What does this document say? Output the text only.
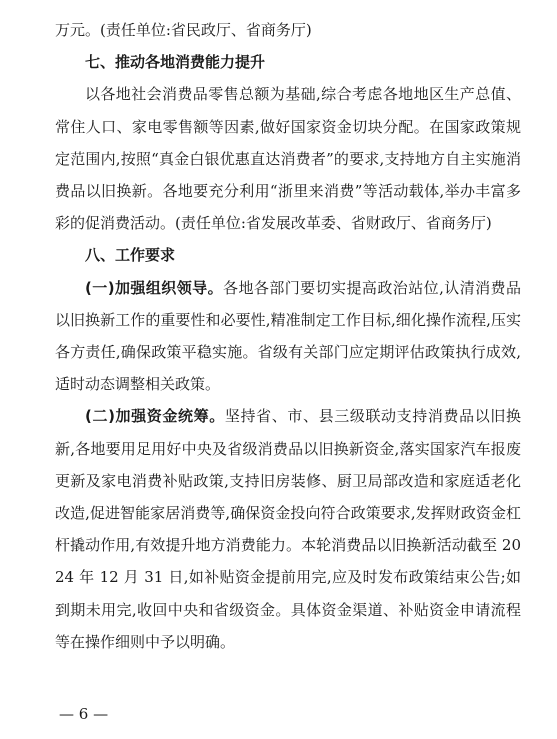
万元。(责任单位:省民政厅、省商务厅)

七、推动各地消费能力提升

以各地社会消费品零售总额为基础,综合考虑各地地区生产总值、常住人口、家电零售额等因素,做好国家资金切块分配。在国家政策规定范围内,按照“真金白银优惠直达消费者”的要求,支持地方自主实施消费品以旧换新。各地要充分利用“浙里来消费”等活动载体,举办丰富多彩的促消费活动。(责任单位:省发展改革委、省财政厅、省商务厅)

八、工作要求

(一)加强组织领导。各地各部门要切实提高政治站位,认清消费品以旧换新工作的重要性和必要性,精准制定工作目标,细化操作流程,压实各方责任,确保政策平稳实施。省级有关部门应定期评估政策执行成效,适时动态调整相关政策。

(二)加强资金统筹。坚持省、市、县三级联动支持消费品以旧换新,各地要用足用好中央及省级消费品以旧换新资金,落实国家汽车报废更新及家电消费补贴政策,支持旧房装修、厨卫局部改造和家庭适老化改造,促进智能家居消费等,确保资金投向符合政策要求,发挥财政资金杠杆撬动作用,有效提升地方消费能力。本轮消费品以旧换新活动截至 2024 年 12 月 31 日,如补贴资金提前用完,应及时发布政策结束公告;如到期未用完,收回中央和省级资金。具体资金渠道、补贴资金申请流程等在操作细则中予以明确。

— 6 —
